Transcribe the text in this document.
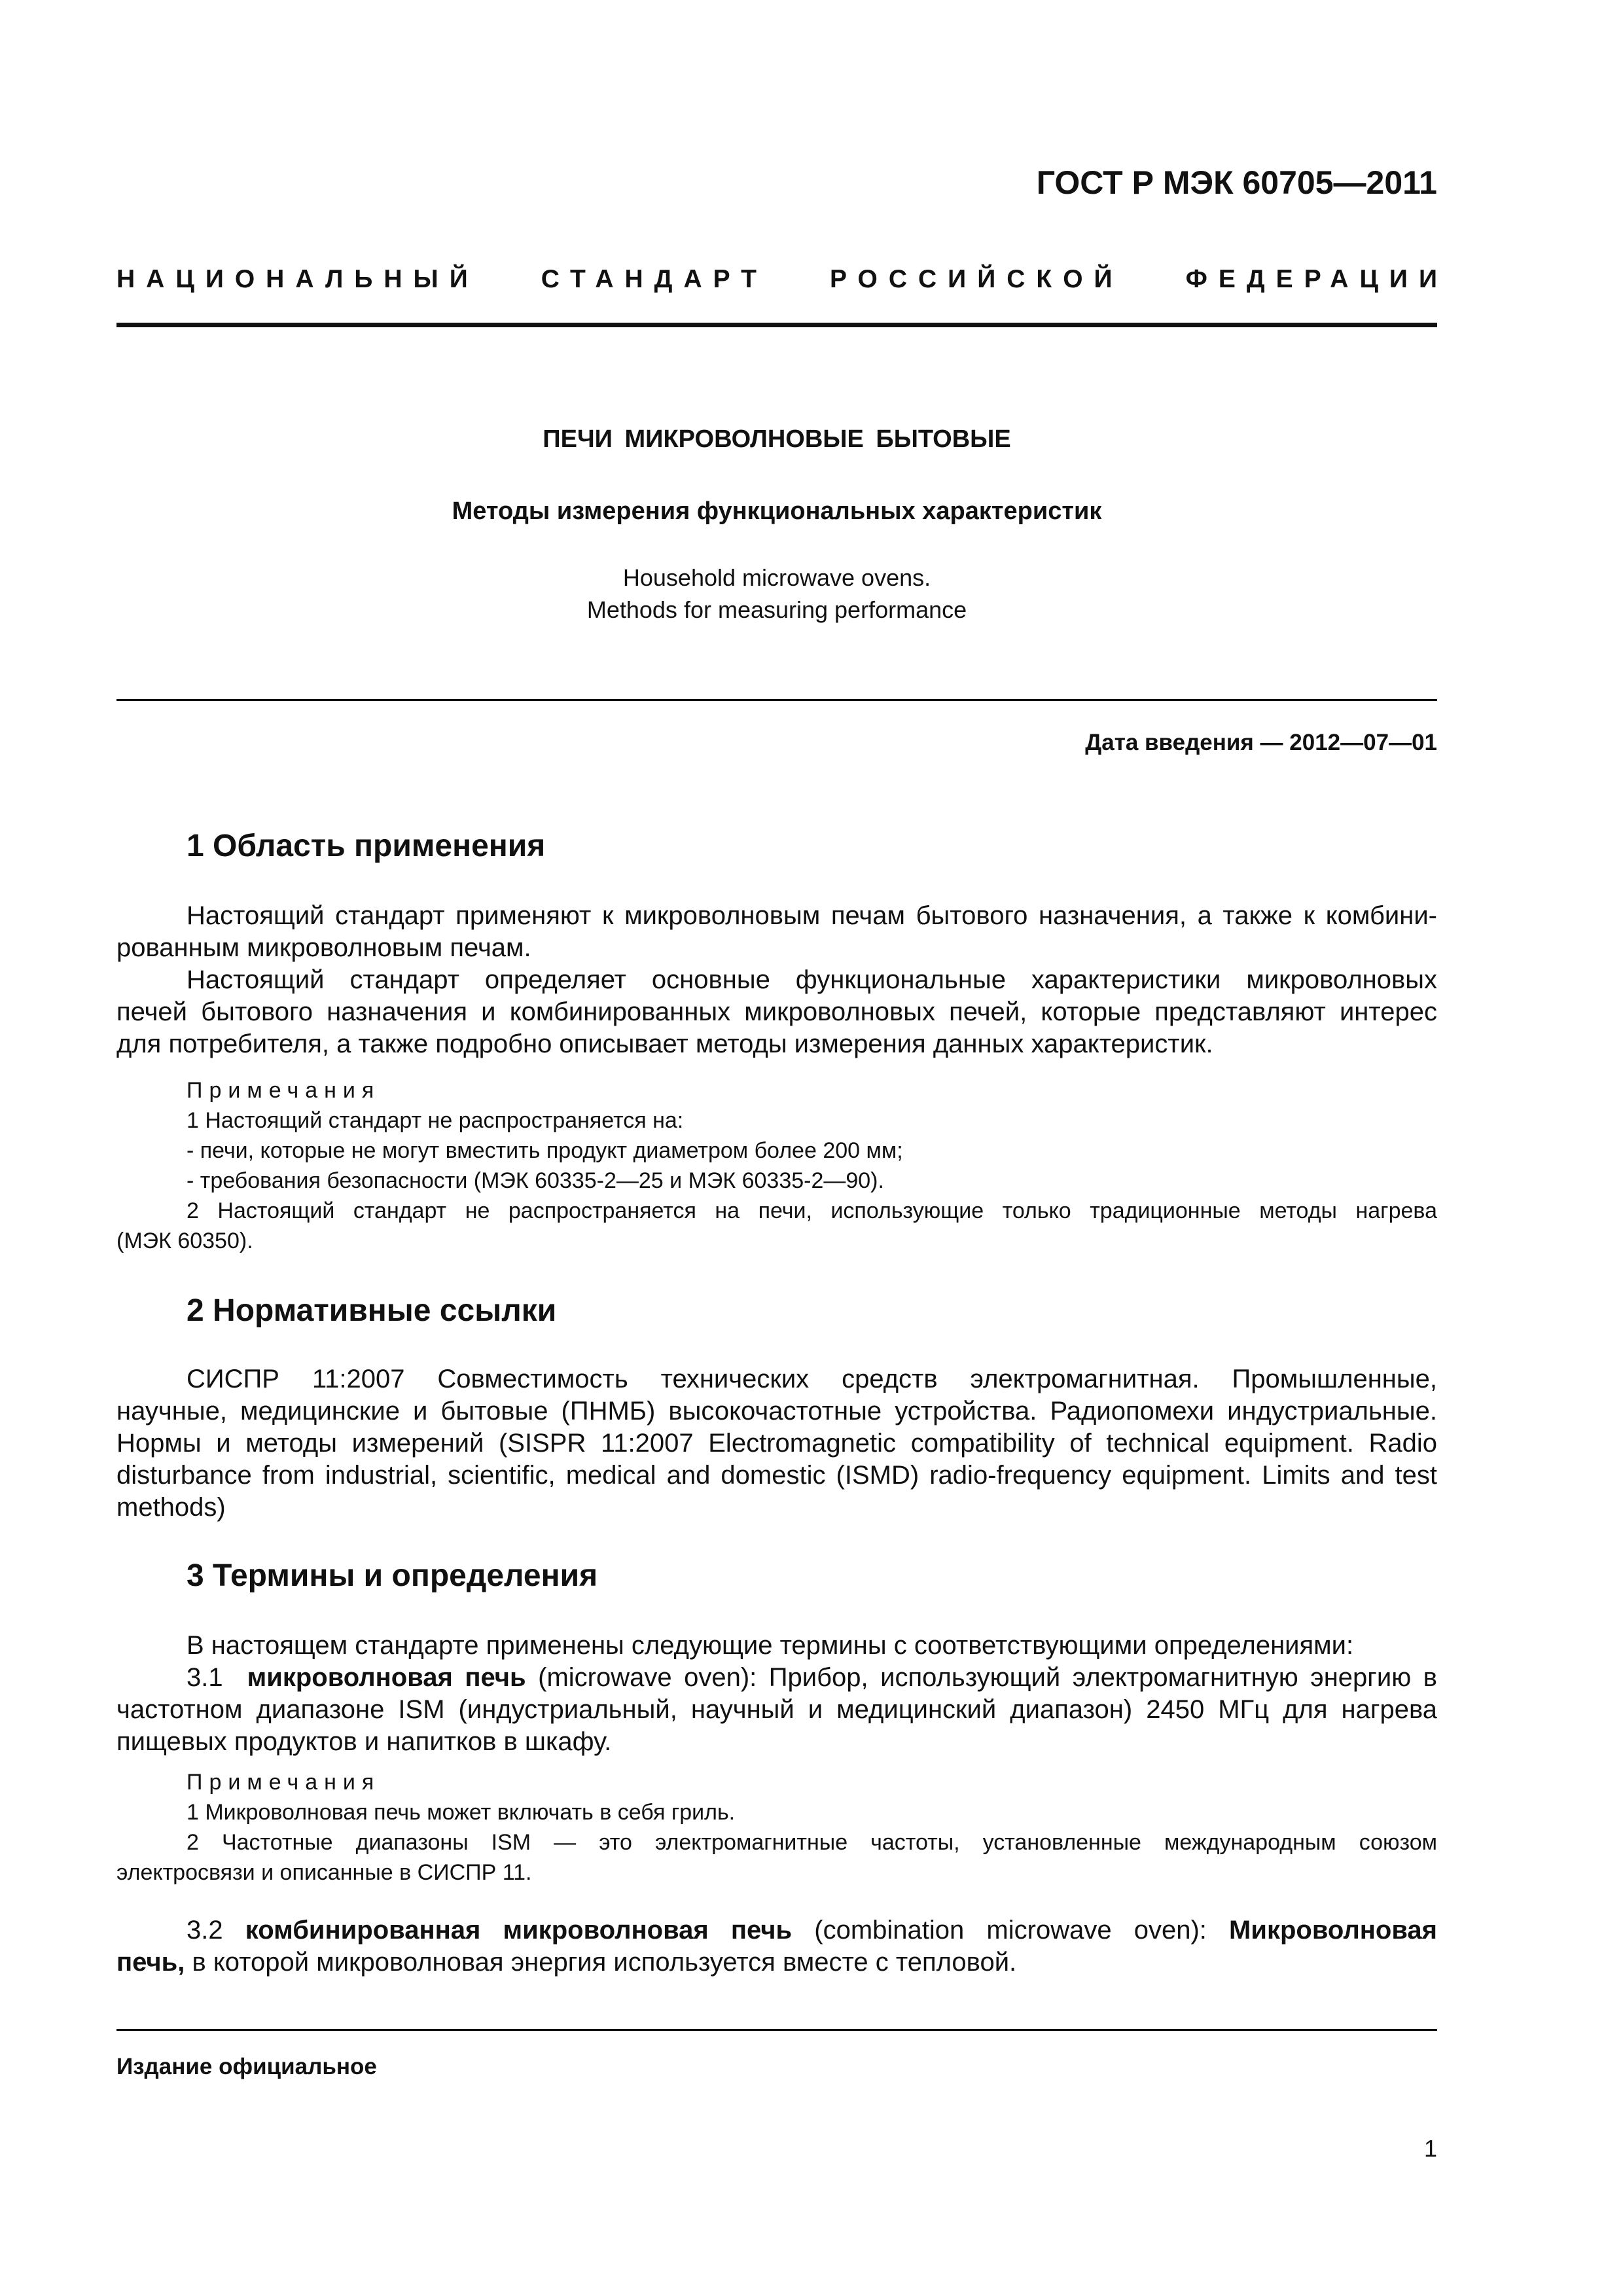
ГОСТ Р МЭК 60705—2011
НАЦИОНАЛЬНЫЙ СТАНДАРТ РОССИЙСКОЙ ФЕДЕРАЦИИ
ПЕЧИ МИКРОВОЛНОВЫЕ БЫТОВЫЕ
Методы измерения функциональных характеристик
Household microwave ovens.
Methods for measuring performance
Дата введения — 2012—07—01
1 Область применения
Настоящий стандарт применяют к микроволновым печам бытового назначения, а также к комбини-
рованным микроволновым печам.
Настоящий стандарт определяет основные функциональные характеристики микроволновых
печей бытового назначения и комбинированных микроволновых печей, которые представляют интерес
для потребителя, а также подробно описывает методы измерения данных характеристик.
Примечания
1 Настоящий стандарт не распространяется на:
- печи, которые не могут вместить продукт диаметром более 200 мм;
- требования безопасности (МЭК 60335-2—25 и МЭК 60335-2—90).
2 Настоящий стандарт не распространяется на печи, использующие только традиционные методы нагрева
(МЭК 60350).
2 Нормативные ссылки
СИСПР 11:2007 Совместимость технических средств электромагнитная. Промышленные,
научные, медицинские и бытовые (ПНМБ) высокочастотные устройства. Радиопомехи индустриальные.
Нормы и методы измерений (SISPR 11:2007 Electromagnetic compatibility of technical equipment. Radio
disturbance from industrial, scientific, medical and domestic (ISMD) radio-frequency equipment. Limits and test
methods)
3 Термины и определения
В настоящем стандарте применены следующие термины с соответствующими определениями:
3.1 микроволновая печь (microwave oven): Прибор, использующий электромагнитную энергию в
частотном диапазоне ISM (индустриальный, научный и медицинский диапазон) 2450 МГц для нагрева
пищевых продуктов и напитков в шкафу.
Примечания
1 Микроволновая печь может включать в себя гриль.
2 Частотные диапазоны ISM — это электромагнитные частоты, установленные международным союзом
электросвязи и описанные в СИСПР 11.
3.2 комбинированная микроволновая печь (combination microwave oven): Микроволновая
печь, в которой микроволновая энергия используется вместе с тепловой.
Издание официальное
1
